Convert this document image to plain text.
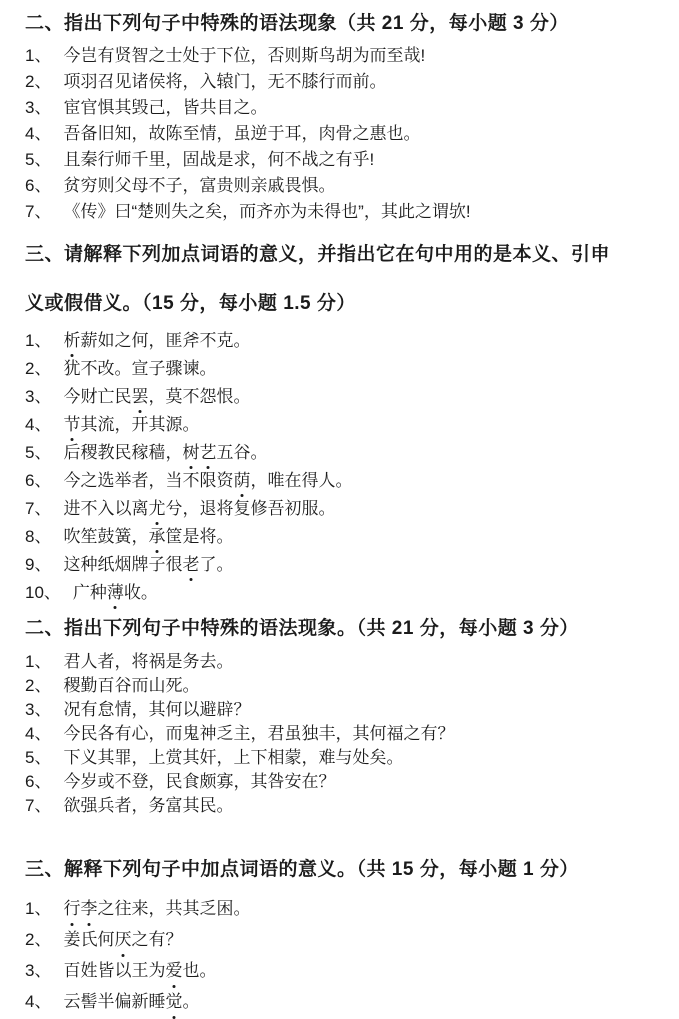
二、指出下列句子中特殊的语法现象（共 21 分，每小题 3 分）
1、 今岂有贤智之士处于下位，否则斯鸟胡为而至哉!
2、 项羽召见诸侯将，入辕门，无不膝行而前。
3、 宦官惧其毁己，皆共目之。
4、 吾备旧知，故陈至情，虽逆于耳，肉骨之惠也。
5、 且秦行师千里，固战是求，何不战之有乎!
6、 贫穷则父母不子，富贵则亲戚畏惧。
7、 《传》曰“楚则失之矣，而齐亦为未得也”，其此之谓欤!
三、请解释下列加点词语的意义，并指出它在句中用的是本义、引申
义或假借义。（15 分，每小题 1.5 分）
1、 析薪如之何，匪斧不克。
2、 犹不改。宣子骤谏。
3、 今财亡民罢，莫不怨恨。
4、 节其流，开其源。
5、 后稷教民稼穑，树艺五谷。
6、 今之选举者，当不限资荫，唯在得人。
7、 进不入以离尤兮，退将复修吾初服。
8、 吹笙鼓簧，承筐是将。
9、 这种纸烟牌子很老了。
10、 广种薄收。
二、指出下列句子中特殊的语法现象。（共 21 分，每小题 3 分）
1、 君人者，将祸是务去。
2、 稷勤百谷而山死。
3、 况有怠情，其何以避辟？
4、 今民各有心，而鬼神乏主，君虽独丰，其何福之有？
5、 下义其罪，上赏其奸，上下相蒙，难与处矣。
6、 今岁或不登，民食颇寡，其咎安在？
7、 欲强兵者，务富其民。
三、解释下列句子中加点词语的意义。（共 15 分，每小题 1 分）
1、 行李之往来，共其乏困。
2、 姜氏何厌之有？
3、 百姓皆以王为爱也。
4、 云髻半偏新睡觉。
